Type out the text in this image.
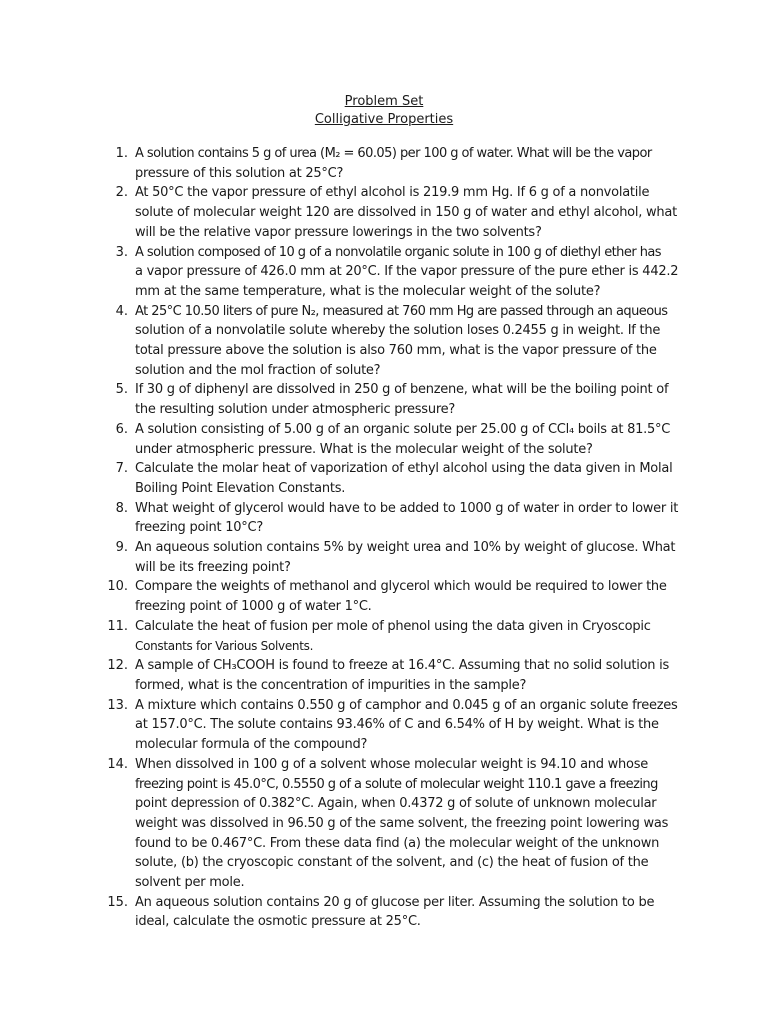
Problem Set
Colligative Properties
1. A solution contains 5 g of urea (M₂ = 60.05) per 100 g of water. What will be the vapor
pressure of this solution at 25°C?
2. At 50°C the vapor pressure of ethyl alcohol is 219.9 mm Hg. If 6 g of a nonvolatile
solute of molecular weight 120 are dissolved in 150 g of water and ethyl alcohol, what
will be the relative vapor pressure lowerings in the two solvents?
3. A solution composed of 10 g of a nonvolatile organic solute in 100 g of diethyl ether has
a vapor pressure of 426.0 mm at 20°C. If the vapor pressure of the pure ether is 442.2
mm at the same temperature, what is the molecular weight of the solute?
4. At 25°C 10.50 liters of pure N₂, measured at 760 mm Hg are passed through an aqueous
solution of a nonvolatile solute whereby the solution loses 0.2455 g in weight. If the
total pressure above the solution is also 760 mm, what is the vapor pressure of the
solution and the mol fraction of solute?
5. If 30 g of diphenyl are dissolved in 250 g of benzene, what will be the boiling point of
the resulting solution under atmospheric pressure?
6. A solution consisting of 5.00 g of an organic solute per 25.00 g of CCl₄ boils at 81.5°C
under atmospheric pressure. What is the molecular weight of the solute?
7. Calculate the molar heat of vaporization of ethyl alcohol using the data given in Molal
Boiling Point Elevation Constants.
8. What weight of glycerol would have to be added to 1000 g of water in order to lower it
freezing point 10°C?
9. An aqueous solution contains 5% by weight urea and 10% by weight of glucose. What
will be its freezing point?
10. Compare the weights of methanol and glycerol which would be required to lower the
freezing point of 1000 g of water 1°C.
11. Calculate the heat of fusion per mole of phenol using the data given in Cryoscopic
Constants for Various Solvents.
12. A sample of CH₃COOH is found to freeze at 16.4°C. Assuming that no solid solution is
formed, what is the concentration of impurities in the sample?
13. A mixture which contains 0.550 g of camphor and 0.045 g of an organic solute freezes
at 157.0°C. The solute contains 93.46% of C and 6.54% of H by weight. What is the
molecular formula of the compound?
14. When dissolved in 100 g of a solvent whose molecular weight is 94.10 and whose
freezing point is 45.0°C, 0.5550 g of a solute of molecular weight 110.1 gave a freezing
point depression of 0.382°C. Again, when 0.4372 g of solute of unknown molecular
weight was dissolved in 96.50 g of the same solvent, the freezing point lowering was
found to be 0.467°C. From these data find (a) the molecular weight of the unknown
solute, (b) the cryoscopic constant of the solvent, and (c) the heat of fusion of the
solvent per mole.
15. An aqueous solution contains 20 g of glucose per liter. Assuming the solution to be
ideal, calculate the osmotic pressure at 25°C.
